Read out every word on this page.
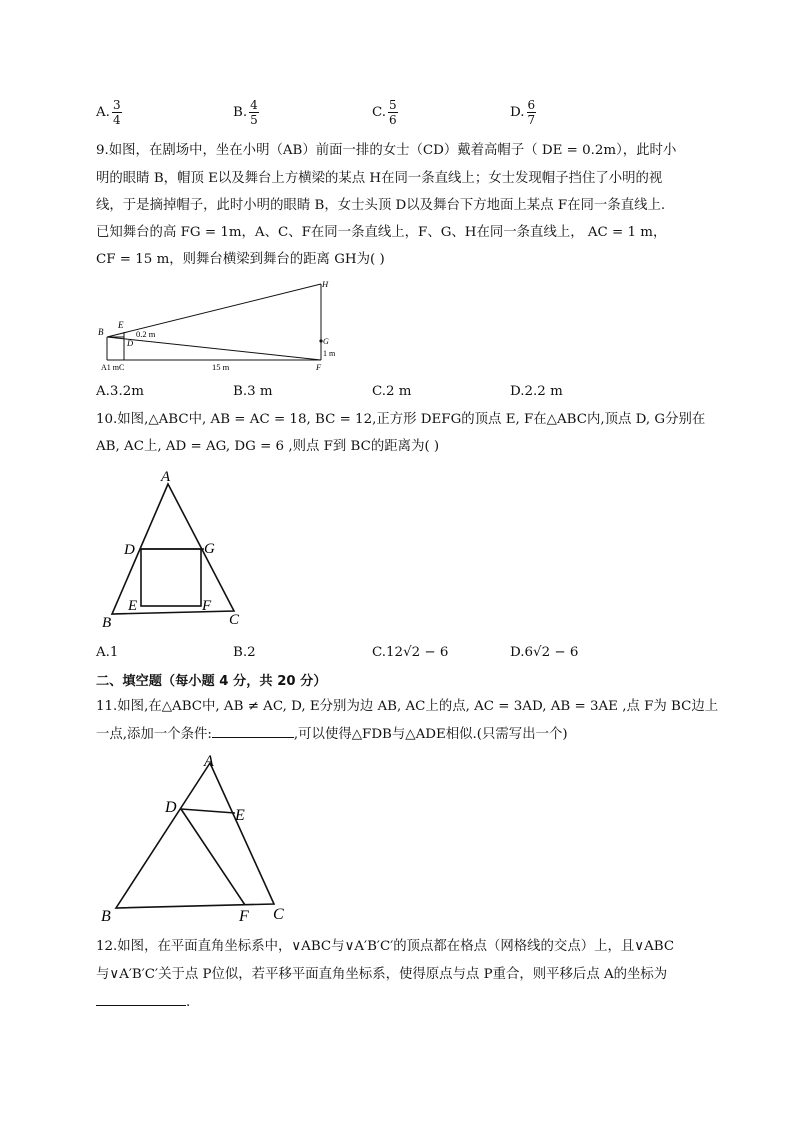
A. $\frac{3}{4}$	B. $\frac{4}{5}$	C. $\frac{5}{6}$	D. $\frac{6}{7}$
9.如图，在剧场中，坐在小明（AB）前面一排的女士（CD）戴着高帽子（ DE = 0.2m），此时小
明的眼睛 B，帽顶 E以及舞台上方横梁的某点 H在同一条直线上；女士发现帽子挡住了小明的视
线，于是摘掉帽子，此时小明的眼睛 B，女士头顶 D以及舞台下方地面上某点 F在同一条直线上.
已知舞台的高 FG = 1m，A、C、F在同一条直线上，F、G、H在同一条直线上， AC = 1 m，
CF = 15 m，则舞台横梁到舞台的距离 GH为( )
H
B
E
D
0.2 m
G
1 m
F
A1 mC	15 m
A.3.2m	B.3 m	C.2 m	D.2.2 m
10.如图,△ABC中, AB = AC = 18, BC = 12,正方形 DEFG的顶点 E, F在△ABC内,顶点 D, G分别在
AB, AC上, AD = AG, DG = 6 ,则点 F到 BC的距离为( )
A
D	G
E	F
B	C
A.1	B.2	C.12√2 − 6	D.6√2 − 6
二、填空题（每小题 4 分，共 20 分）
11.如图,在△ABC中, AB ≠ AC, D, E分别为边 AB, AC上的点, AC = 3AD, AB = 3AE ,点 F为 BC边上
一点,添加一个条件:	,可以使得△FDB与△ADE相似.(只需写出一个)
A
D	E
B	F C
12.如图，在平面直角坐标系中，∨ABC与∨A′B′C′的顶点都在格点（网格线的交点）上，且∨ABC
与∨A′B′C′关于点 P位似，若平移平面直角坐标系，使得原点与点 P重合，则平移后点 A的坐标为
.
